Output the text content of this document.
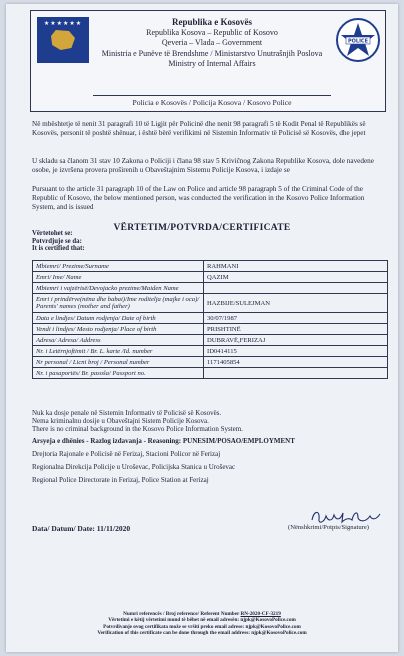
★★★★★★	Republika e Kosovës
Republika Kosova – Republic of Kosovo
Qeveria – Vlada – Government
Ministria e Punëve të Brendshme / Ministarstvo Unutrašnjih Poslova
Ministry of Internal Affairs
Policia e Kosovës / Policija Kosova / Kosovo Police
POLICE
Në mbështetje të nenit 31 paragrafi 10 të Ligjit për Policinë dhe nenit 98 paragrafi 5 të Kodit Penal të Republikës së Kosovës, personit të poshtë shënuar, i është bërë verifikimi në Sistemin Informativ të Policisë së Kosovës, dhe jepet
U skladu sa članom 31 stav 10 Zakona o Policiji i člana 98 stav 5 Krivičnog Zakona Republike Kosova, dole navedene osobe, je izvršena provera proširenih u Obaveštajnim Sistemu Policije Kosova, i izdaje se
Pursuant to the article 31 paragraph 10 of the Law on Police and article 98 paragraph 5 of the Criminal Code of the Republic of Kosovo, the below mentioned person, was conducted the verification in the Kosovo Police Information System, and is issued
VËRTETIM/POTVRDA/CERTIFICATE
Vërtetohet se:
Potvrdjuje se da:
It is certified that:
Mbiemri/ Prezime/Surname	RAHMANI
Emri/ Ime/ Name	QAZIM
Mbiemri i vajzërisë/Devojacko prezime/Maiden Name	
Emri i prindërve(nëna dhe babai)/Ime roditelja (majke i oca)/ Parents' names (mother and father)	HAZBIJE/SULEJMAN
Data e lindjes/ Datum rodjenja/ Date of birth	30/07/1987
Vendi i lindjes/ Mesto rodjenja/ Place of birth	PRISHTINË
Adresa/ Adresa/ Address	DUBRAVË,FERIZAJ
Nr. i Letërnjoftimit / Br. L. karte /Id. number	ID0414115
Nr personal / Licni broj / Personal number	1171405854
Nr. i pasaportës/ Br. pasoša/ Passport no.	
Nuk ka dosje penale në Sistemin Informativ të Policisë së Kosovës.
Nema kriminalnu dosije u Obaveštajni Sistem Policije Kosova.
There is no criminal background in the Kosovo Police Information System.
Arsyeja e dhënies - Razlog izdavanja - Reasoning: PUNESIM/POSAO/EMPLOYMENT
Drejtoria Rajonale e Policisë në Ferizaj, Stacioni Policor në Ferizaj
Regionalna Direkcija Policije u Uroševac, Policijska Stanica u Uroševac
Regional Police Directorate in Ferizaj, Police Station at Ferizaj
Data/ Datum/ Date: 11/11/2020	(Nënshkrimi/Potpis/Signature)
Numri referencës / Broj reference/ Referent Number RN-2020-CF-3219
Vërtetimi e këtij vërtetimi mund të bëhet në email adresën: njpk@KosovoPolice.com
Potvrđivanje ovog certifikata može se vršiti preko email adrese: njpk@KosovoPolice.com
Verification of this certificate can be done through the email address: njpk@KosovoPolice.com
